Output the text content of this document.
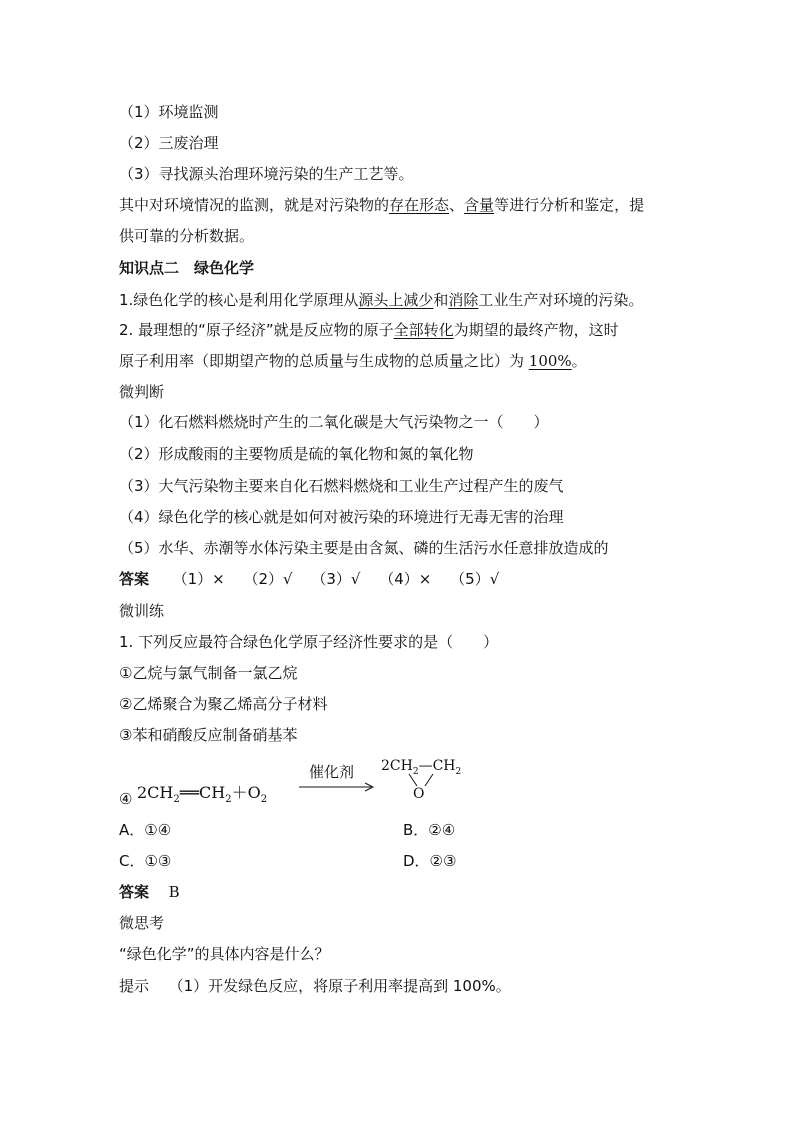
（1）环境监测
（2）三废治理
（3）寻找源头治理环境污染的生产工艺等。
其中对环境情况的监测，就是对污染物的存在形态、含量等进行分析和鉴定，提
供可靠的分析数据。
知识点二　绿色化学
1.绿色化学的核心是利用化学原理从源头上减少和消除工业生产对环境的污染。
2. 最理想的“原子经济”就是反应物的原子全部转化为期望的最终产物，这时
原子利用率（即期望产物的总质量与生成物的总质量之比）为 100%。
微判断
（1）化石燃料燃烧时产生的二氧化碳是大气污染物之一（　　）
（2）形成酸雨的主要物质是硫的氧化物和氮的氧化物
（3）大气污染物主要来自化石燃料燃烧和工业生产过程产生的废气
（4）绿色化学的核心就是如何对被污染的环境进行无毒无害的治理
（5）水华、赤潮等水体污染主要是由含氮、磷的生活污水任意排放造成的
答案 （1）× （2）√ （3）√ （4）× （5）√
微训练
1. 下列反应最符合绿色化学原子经济性要求的是（　　）
①乙烷与氯气制备一氯乙烷
②乙烯聚合为聚乙烯高分子材料
③苯和硝酸反应制备硝基苯
④ $2CH_2══CH_2+O_2$
催化剂 $2CH_2—CH_2$
O
A．①④	B．②④
C．①③	D．②③
答案 B
微思考
“绿色化学”的具体内容是什么？
提示 （1）开发绿色反应，将原子利用率提高到 100%。
